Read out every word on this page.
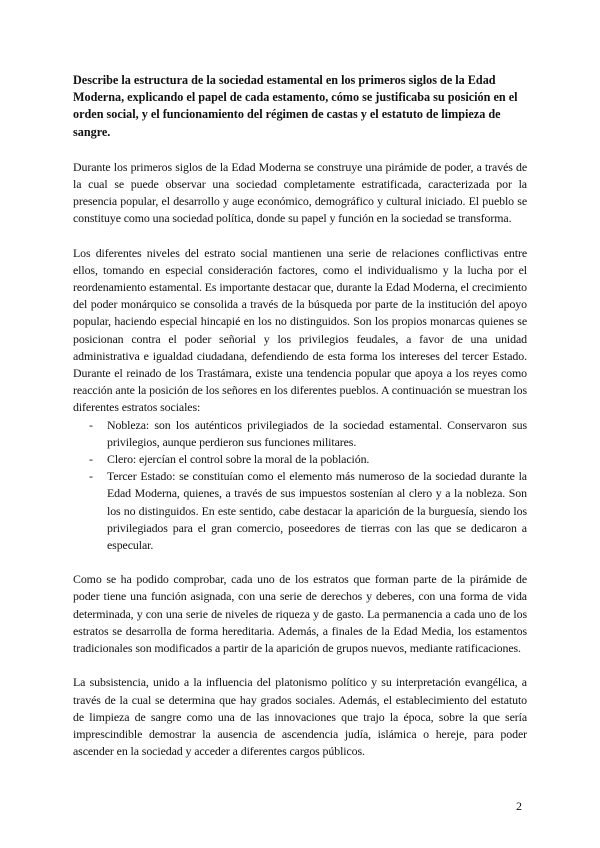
Describe la estructura de la sociedad estamental en los primeros siglos de la Edad Moderna, explicando el papel de cada estamento, cómo se justificaba su posición en el orden social, y el funcionamiento del régimen de castas y el estatuto de limpieza de sangre.

Durante los primeros siglos de la Edad Moderna se construye una pirámide de poder, a través de la cual se puede observar una sociedad completamente estratificada, caracterizada por la presencia popular, el desarrollo y auge económico, demográfico y cultural iniciado. El pueblo se constituye como una sociedad política, donde su papel y función en la sociedad se transforma.

Los diferentes niveles del estrato social mantienen una serie de relaciones conflictivas entre ellos, tomando en especial consideración factores, como el individualismo y la lucha por el reordenamiento estamental. Es importante destacar que, durante la Edad Moderna, el crecimiento del poder monárquico se consolida a través de la búsqueda por parte de la institución del apoyo popular, haciendo especial hincapié en los no distinguidos. Son los propios monarcas quienes se posicionan contra el poder señorial y los privilegios feudales, a favor de una unidad administrativa e igualdad ciudadana, defendiendo de esta forma los intereses del tercer Estado. Durante el reinado de los Trastámara, existe una tendencia popular que apoya a los reyes como reacción ante la posición de los señores en los diferentes pueblos. A continuación se muestran los diferentes estratos sociales:

- Nobleza: son los auténticos privilegiados de la sociedad estamental. Conservaron sus privilegios, aunque perdieron sus funciones militares.
- Clero: ejercían el control sobre la moral de la población.
- Tercer Estado: se constituían como el elemento más numeroso de la sociedad durante la Edad Moderna, quienes, a través de sus impuestos sostenían al clero y a la nobleza. Son los no distinguidos. En este sentido, cabe destacar la aparición de la burguesía, siendo los privilegiados para el gran comercio, poseedores de tierras con las que se dedicaron a especular.

Como se ha podido comprobar, cada uno de los estratos que forman parte de la pirámide de poder tiene una función asignada, con una serie de derechos y deberes, con una forma de vida determinada, y con una serie de niveles de riqueza y de gasto. La permanencia a cada uno de los estratos se desarrolla de forma hereditaria. Además, a finales de la Edad Media, los estamentos tradicionales son modificados a partir de la aparición de grupos nuevos, mediante ratificaciones.

La subsistencia, unido a la influencia del platonismo político y su interpretación evangélica, a través de la cual se determina que hay grados sociales. Además, el establecimiento del estatuto de limpieza de sangre como una de las innovaciones que trajo la época, sobre la que sería imprescindible demostrar la ausencia de ascendencia judía, islámica o hereje, para poder ascender en la sociedad y acceder a diferentes cargos públicos.

2
